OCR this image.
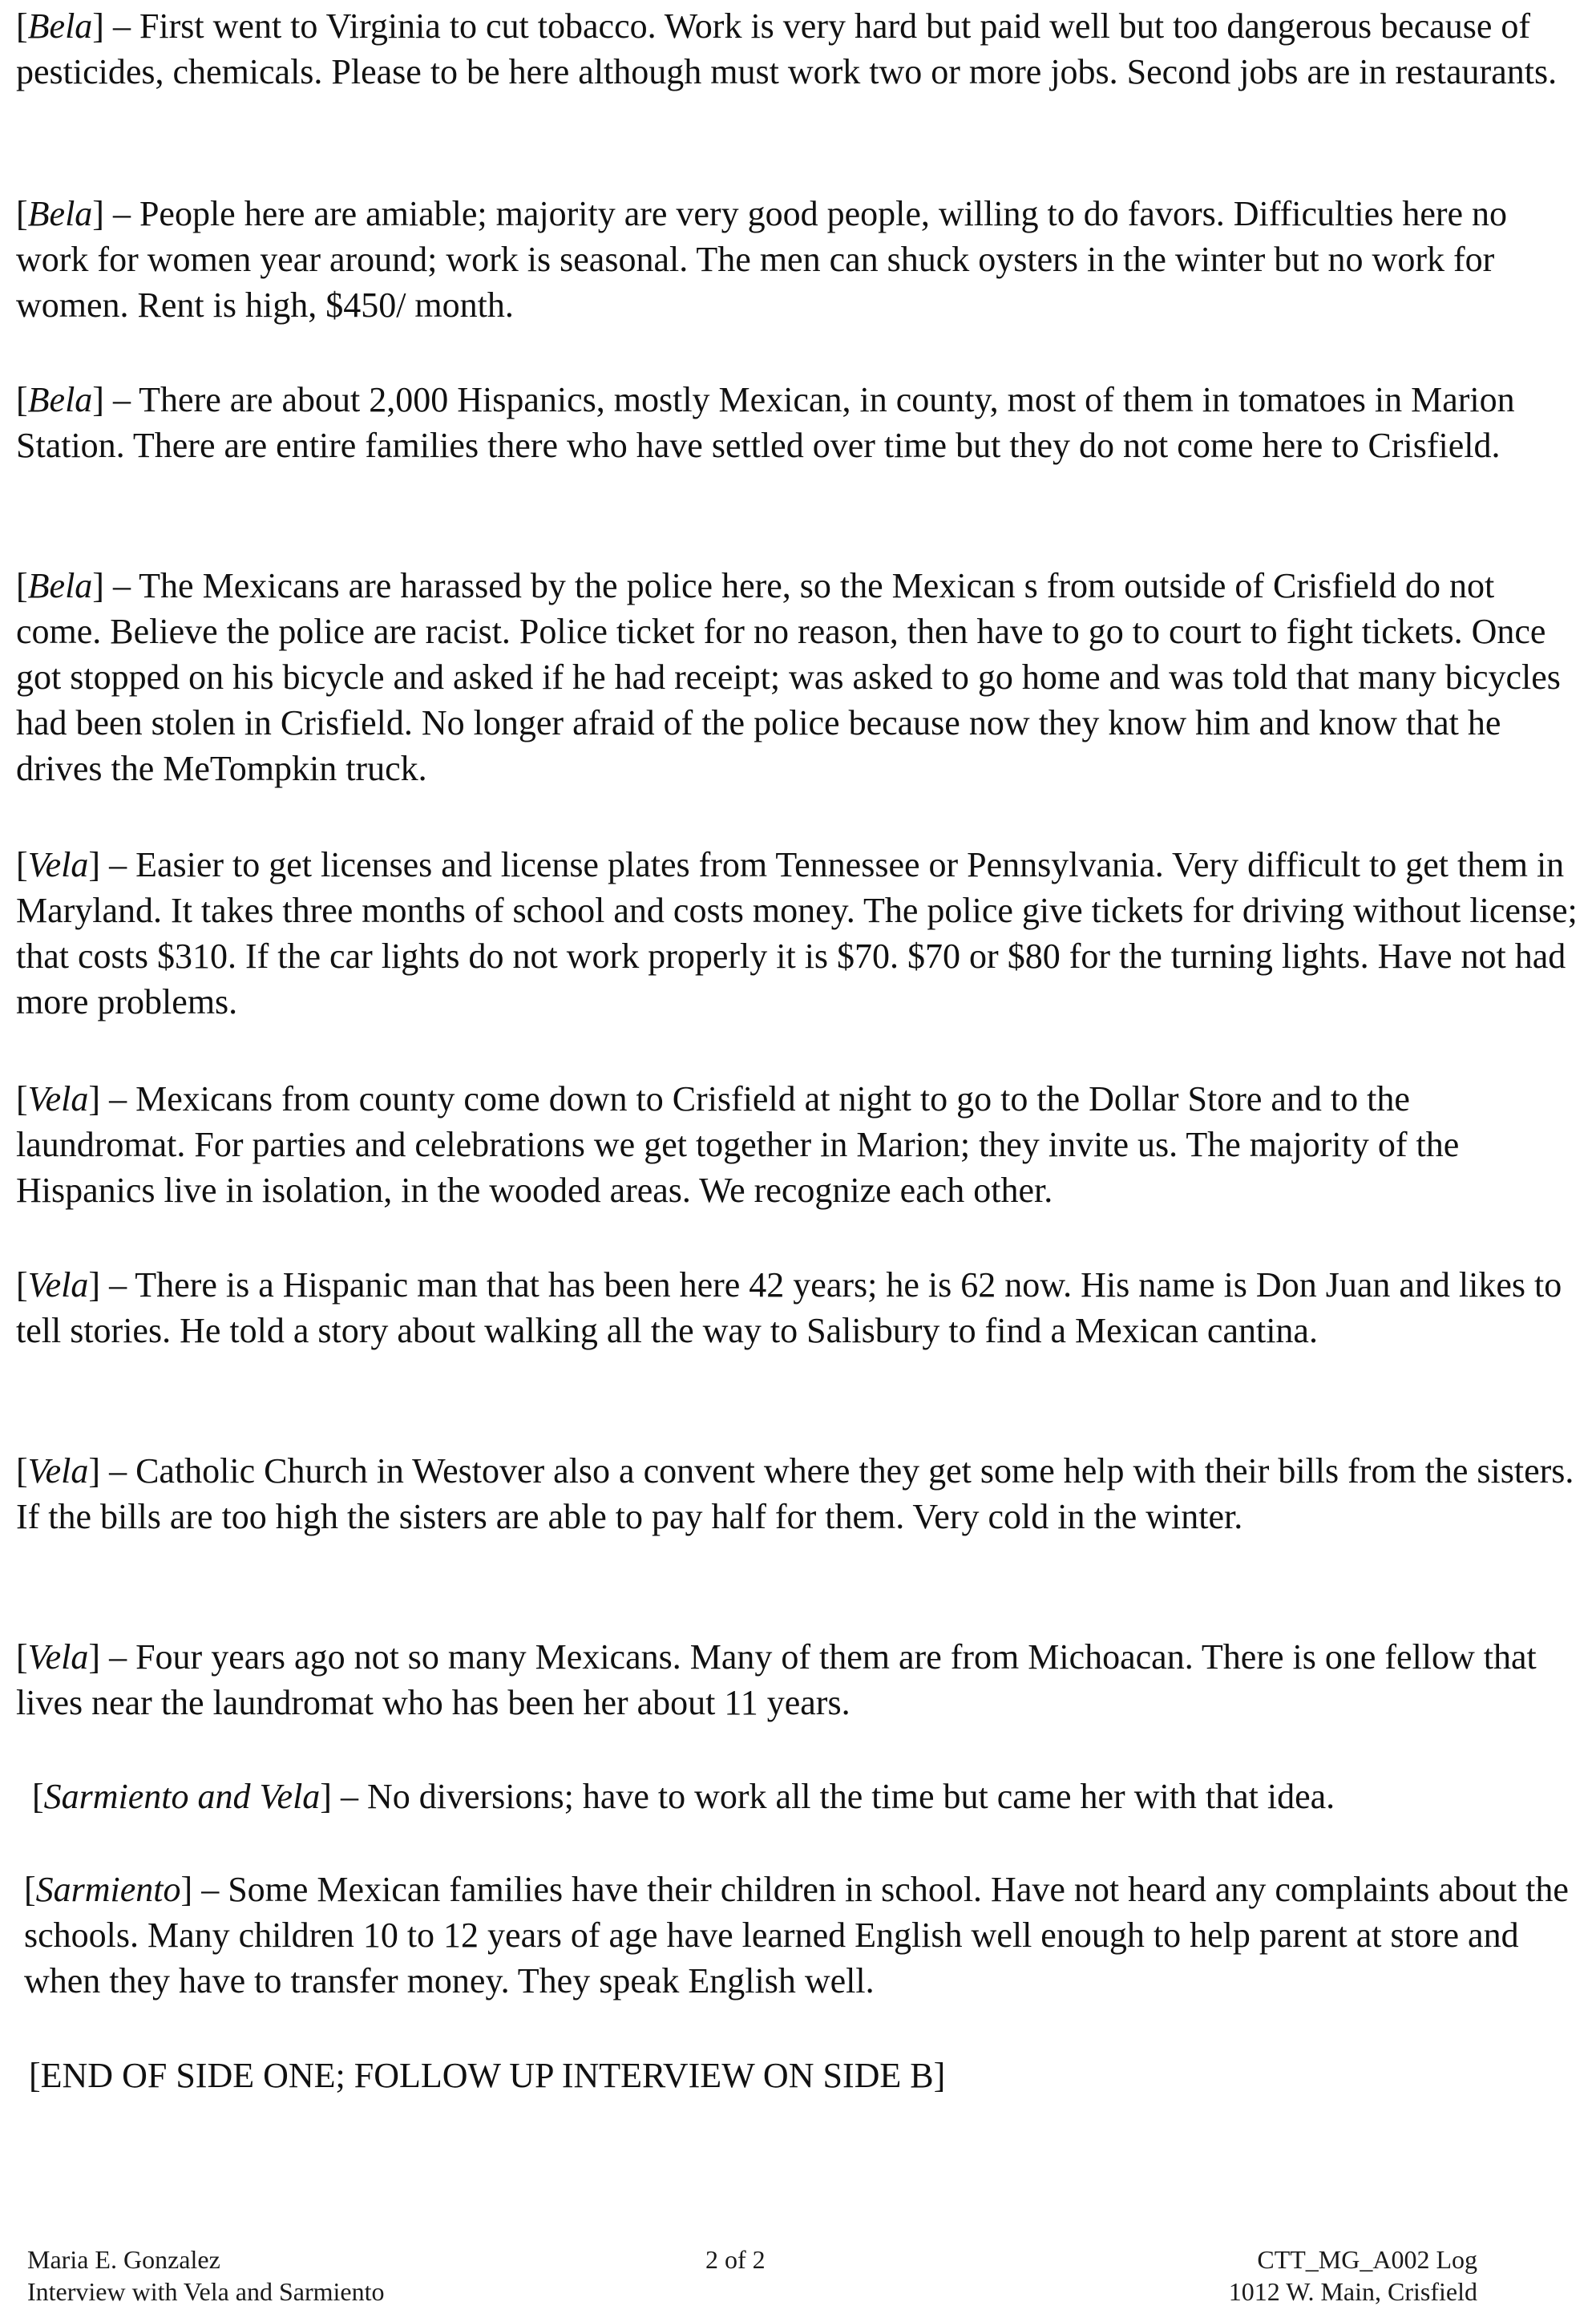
[Bela] – First went to Virginia to cut tobacco. Work is very hard but paid well but too dangerous because of pesticides, chemicals. Please to be here although must work two or more jobs. Second jobs are in restaurants.

[Bela] – People here are amiable; majority are very good people, willing to do favors. Difficulties here no work for women year around; work is seasonal. The men can shuck oysters in the winter but no work for women. Rent is high, $450/ month.

[Bela] – There are about 2,000 Hispanics, mostly Mexican, in county, most of them in tomatoes in Marion Station. There are entire families there who have settled over time but they do not come here to Crisfield.

[Bela] – The Mexicans are harassed by the police here, so the Mexican s from outside of Crisfield do not come. Believe the police are racist. Police ticket for no reason, then have to go to court to fight tickets. Once got stopped on his bicycle and asked if he had receipt; was asked to go home and was told that many bicycles had been stolen in Crisfield. No longer afraid of the police because now they know him and know that he drives the MeTompkin truck.

[Vela] – Easier to get licenses and license plates from Tennessee or Pennsylvania. Very difficult to get them in Maryland. It takes three months of school and costs money. The police give tickets for driving without license; that costs $310. If the car lights do not work properly it is $70. $70 or $80 for the turning lights. Have not had more problems.

[Vela] – Mexicans from county come down to Crisfield at night to go to the Dollar Store and to the laundromat. For parties and celebrations we get together in Marion; they invite us. The majority of the Hispanics live in isolation, in the wooded areas. We recognize each other.

[Vela] – There is a Hispanic man that has been here 42 years; he is 62 now. His name is Don Juan and likes to tell stories. He told a story about walking all the way to Salisbury to find a Mexican cantina.

[Vela] – Catholic Church in Westover also a convent where they get some help with their bills from the sisters. If the bills are too high the sisters are able to pay half for them. Very cold in the winter.

[Vela] – Four years ago not so many Mexicans. Many of them are from Michoacan. There is one fellow that lives near the laundromat who has been her about 11 years.

[Sarmiento and Vela] – No diversions; have to work all the time but came her with that idea.

[Sarmiento] – Some Mexican families have their children in school. Have not heard any complaints about the schools. Many children 10 to 12 years of age have learned English well enough to help parent at store and when they have to transfer money. They speak English well.

[END OF SIDE ONE; FOLLOW UP INTERVIEW ON SIDE B]

Maria E. Gonzalez
Interview with Vela and Sarmiento
2 of 2	CTT_MG_A002 Log
1012 W. Main, Crisfield
